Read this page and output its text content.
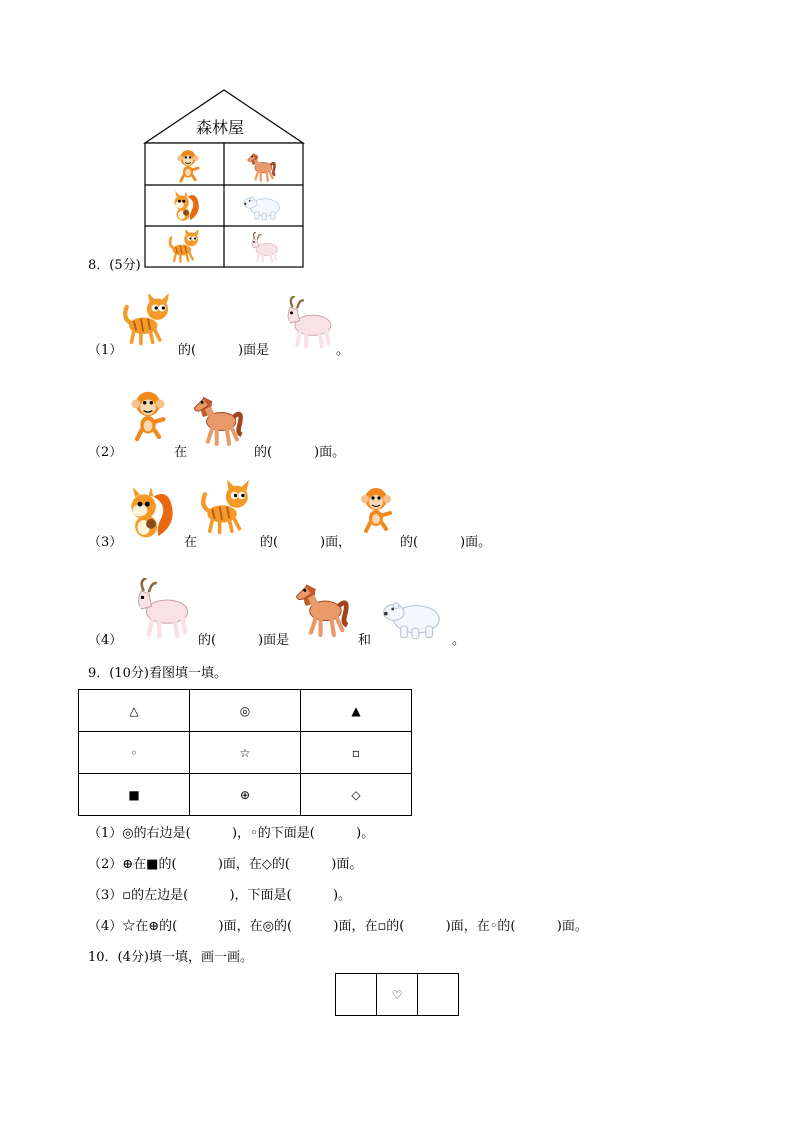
森林屋
8．(5分)
（1）	的(	)面是	。
（2）	在	的(	)面。
（3）	在	的(	)面，	的(	)面。
（4）	的(	)面是	和	。
9．(10分)看图填一填。
△	◎	▲
◦	☆	▫
■	⊕	◇
（1）◎的右边是(          )，◦的下面是(          )。
（2）⊕在■的(          )面，在◇的(          )面。
（3）▫的左边是(          )，下面是(          )。
（4）☆在⊕的(          )面，在◎的(          )面，在▫的(          )面，在◦的(          )面。
10．(4分)填一填，画一画。
	♡	
